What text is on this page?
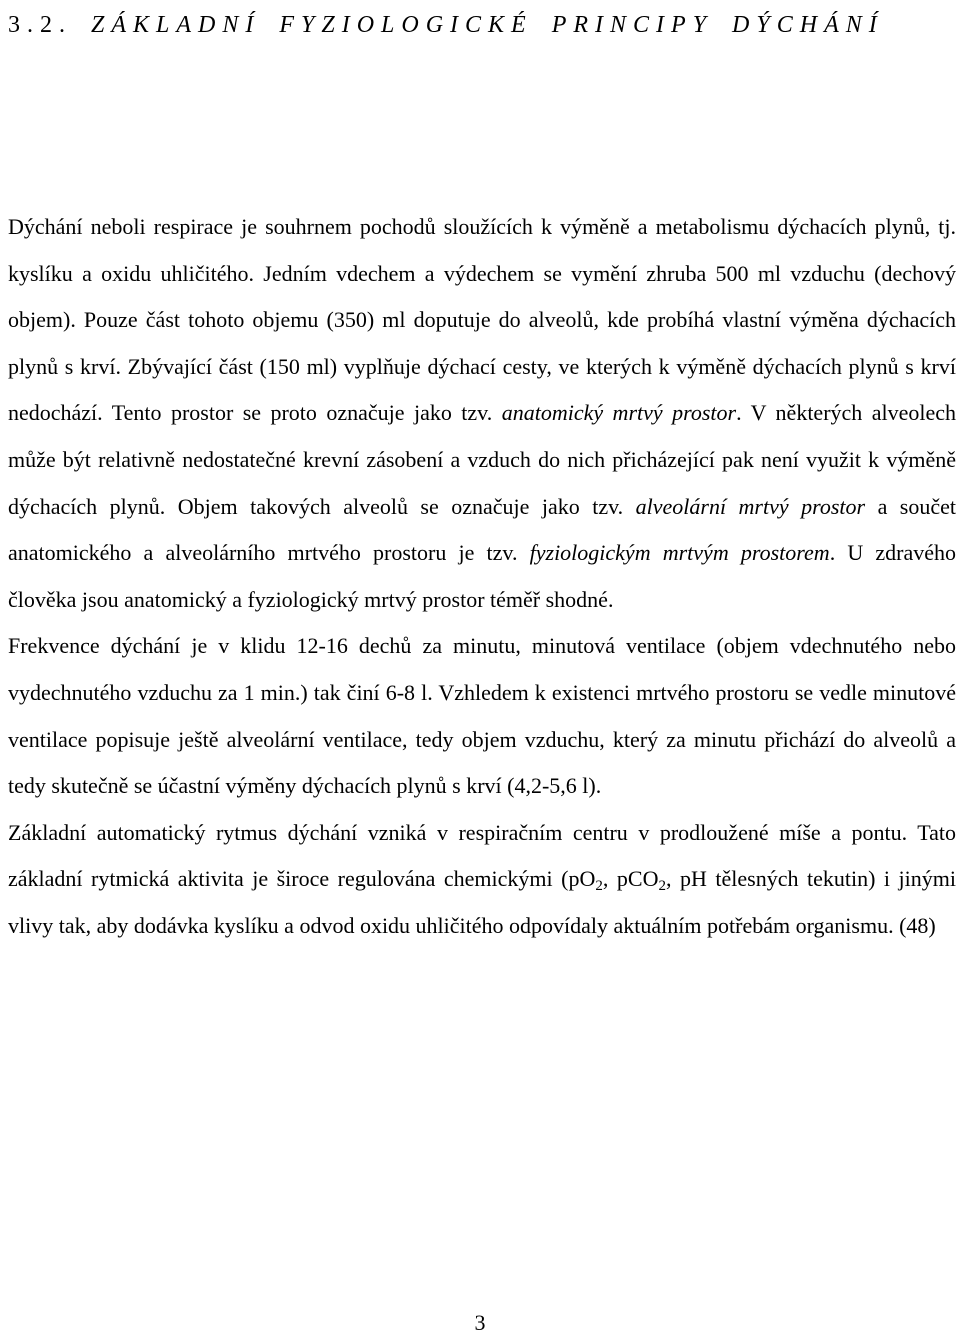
3.2. ZÁKLADNÍ FYZIOLOGICKÉ PRINCIPY DÝCHÁNÍ

Dýchání neboli respirace je souhrnem pochodů sloužících k výměně a metabolismu dýchacích plynů, tj. kyslíku a oxidu uhličitého. Jedním vdechem a výdechem se vymění zhruba 500 ml vzduchu (dechový objem). Pouze část tohoto objemu (350) ml doputuje do alveolů, kde probíhá vlastní výměna dýchacích plynů s krví. Zbývající část (150 ml) vyplňuje dýchací cesty, ve kterých k výměně dýchacích plynů s krví nedochází. Tento prostor se proto označuje jako tzv. anatomický mrtvý prostor. V některých alveolech může být relativně nedostatečné krevní zásobení a vzduch do nich přicházející pak není využit k výměně dýchacích plynů. Objem takových alveolů se označuje jako tzv. alveolární mrtvý prostor a součet anatomického a alveolárního mrtvého prostoru je tzv. fyziologickým mrtvým prostorem. U zdravého člověka jsou anatomický a fyziologický mrtvý prostor téměř shodné.

Frekvence dýchání je v klidu 12-16 dechů za minutu, minutová ventilace (objem vdechnutého nebo vydechnutého vzduchu za 1 min.) tak činí 6-8 l. Vzhledem k existenci mrtvého prostoru se vedle minutové ventilace popisuje ještě alveolární ventilace, tedy objem vzduchu, který za minutu přichází do alveolů a tedy skutečně se účastní výměny dýchacích plynů s krví (4,2-5,6 l).

Základní automatický rytmus dýchání vzniká v respiračním centru v prodloužené míše a pontu. Tato základní rytmická aktivita je široce regulována chemickými ($pO_2$, pCO$_2$, pH tělesných tekutin) i jinými vlivy tak, aby dodávka kyslíku a odvod oxidu uhličitého odpovídaly aktuálním potřebám organismu. (48)

3
